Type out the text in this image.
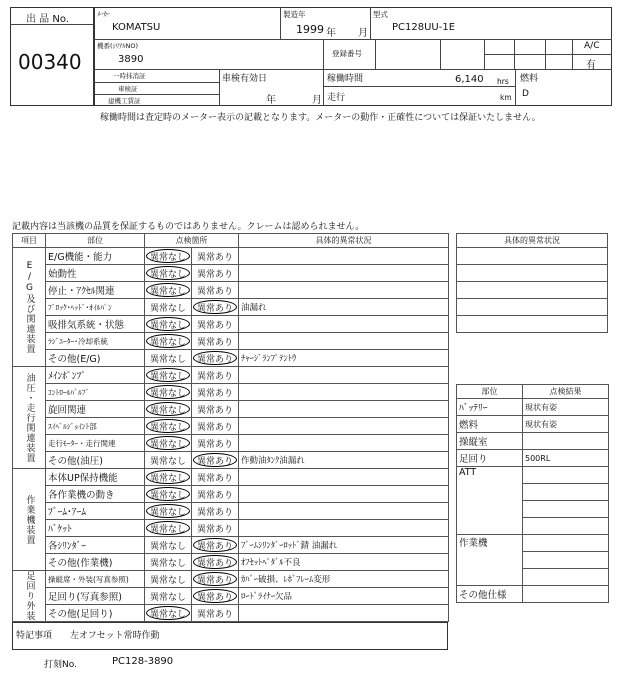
出 品 No.
00340
ﾒｰｶｰ
KOMATSU
製造年
1999 年 月
型式
PC128UU-1E
機番(ｼﾘｱﾙNO)
3890
登録番号
A/C
有
一時抹消証
車検証
建機工賃証
車検有効日
年	月
稼働時間	6,140 hrs
走行	km
燃料
D
稼働時間は査定時のメーター表示の記載となります。メーターの動作・正確性については保証いたしません。
記載内容は当該機の品質を保証するものではありません。クレームは認められません。
項目	部位	点検箇所		具体的異常状況
E/G及び関連装置	E/G機能・能力	異常なし	異常あり	
	始動性	異常なし	異常あり	
	停止・ｱｸｾﾙ関連	異常なし	異常あり	
	ﾌﾞﾛｯｸ･ﾍｯﾄﾞ･ｵｲﾙﾊﾟﾝ	異常なし	異常あり	油漏れ
	吸排気系統・状態	異常なし	異常あり	
	ﾗｼﾞｴｰﾀｰ･冷却系統	異常なし	異常あり	
	その他(E/G)	異常なし	異常あり	ﾁｬｰｼﾞﾗﾝﾌﾟﾃﾝﾄｳ
油圧・走行関連装置	ﾒｲﾝﾎﾟﾝﾌﾟ	異常なし	異常あり	
	ｺﾝﾄﾛｰﾙﾊﾞﾙﾌﾞ	異常なし	異常あり	
	旋回関連	異常なし	異常あり	
	ｽｲﾍﾞﾙｼﾞｮｲﾝﾄ部	異常なし	異常あり	
	走行ﾓｰﾀｰ・走行関連	異常なし	異常あり	
	その他(油圧)	異常なし	異常あり	作動油ﾀﾝｸ油漏れ
作業機装置	本体UP保持機能	異常なし	異常あり	
	各作業機の動き	異常なし	異常あり	
	ﾌﾞｰﾑ･ｱｰﾑ	異常なし	異常あり	
	ﾊﾞｹｯﾄ	異常なし	異常あり	
	各ｼﾘﾝﾀﾞｰ	異常なし	異常あり	ﾌﾞｰﾑｼﾘﾝﾀﾞｰﾛｯﾄﾞ錆 油漏れ
	その他(作業機)	異常なし	異常あり	ｵﾌｾｯﾄﾍﾟﾀﾞﾙ不良
足回り外装	操縦席・外装(写真参照)	異常なし	異常あり	ｶﾊﾞｰ破損、ﾚﾎﾞﾌﾚｰﾑ変形
	足回り(写真参照)	異常なし	異常あり	ﾛｰﾄﾞﾗｲﾅｰ欠品
	その他(足回り)	異常なし	異常あり	
特記事項 左オフセット常時作動
具体的異常状況

部位	点検結果
ﾊﾞｯﾃﾘｰ	現状有姿
燃料	現状有姿
操縦室	
足回り	500RL
ATT	

作業機	

その他仕様	
打刻No.	PC128-3890
